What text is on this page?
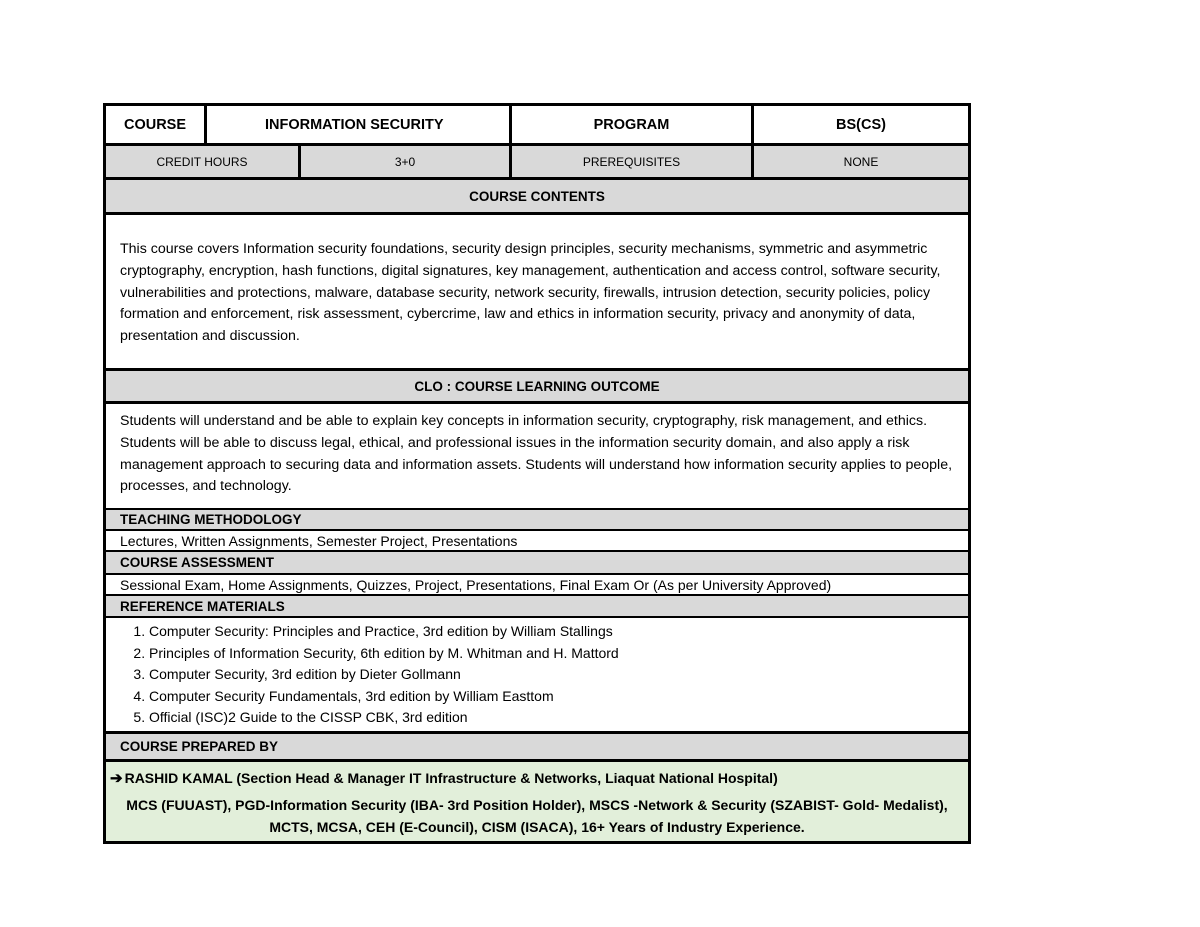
COURSE	INFORMATION SECURITY	PROGRAM	BS(CS)
CREDIT HOURS	3+0	PREREQUISITES	NONE
COURSE CONTENTS
This course covers Information security foundations, security design principles, security mechanisms, symmetric and asymmetric cryptography, encryption, hash functions, digital signatures, key management, authentication and access control, software security, vulnerabilities and protections, malware, database security, network security, firewalls, intrusion detection, security policies, policy formation and enforcement, risk assessment, cybercrime, law and ethics in information security, privacy and anonymity of data, presentation and discussion.
CLO : COURSE LEARNING OUTCOME
Students will understand and be able to explain key concepts in information security, cryptography, risk management, and ethics. Students will be able to discuss legal, ethical, and professional issues in the information security domain, and also apply a risk management approach to securing data and information assets. Students will understand how information security applies to people, processes, and technology.
TEACHING METHODOLOGY
Lectures, Written Assignments, Semester Project, Presentations
COURSE ASSESSMENT
Sessional Exam, Home Assignments, Quizzes, Project, Presentations, Final Exam Or (As per University Approved)
REFERENCE MATERIALS
1. Computer Security: Principles and Practice, 3rd edition by William Stallings
2. Principles of Information Security, 6th edition by M. Whitman and H. Mattord
3. Computer Security, 3rd edition by Dieter Gollmann
4. Computer Security Fundamentals, 3rd edition by William Easttom
5. Official (ISC)2 Guide to the CISSP CBK, 3rd edition
COURSE PREPARED BY
➔ RASHID KAMAL (Section Head & Manager IT Infrastructure & Networks, Liaquat National Hospital)
MCS (FUUAST), PGD-Information Security (IBA- 3rd Position Holder), MSCS -Network & Security (SZABIST- Gold- Medalist),
MCTS, MCSA, CEH (E-Council), CISM (ISACA), 16+ Years of Industry Experience.
